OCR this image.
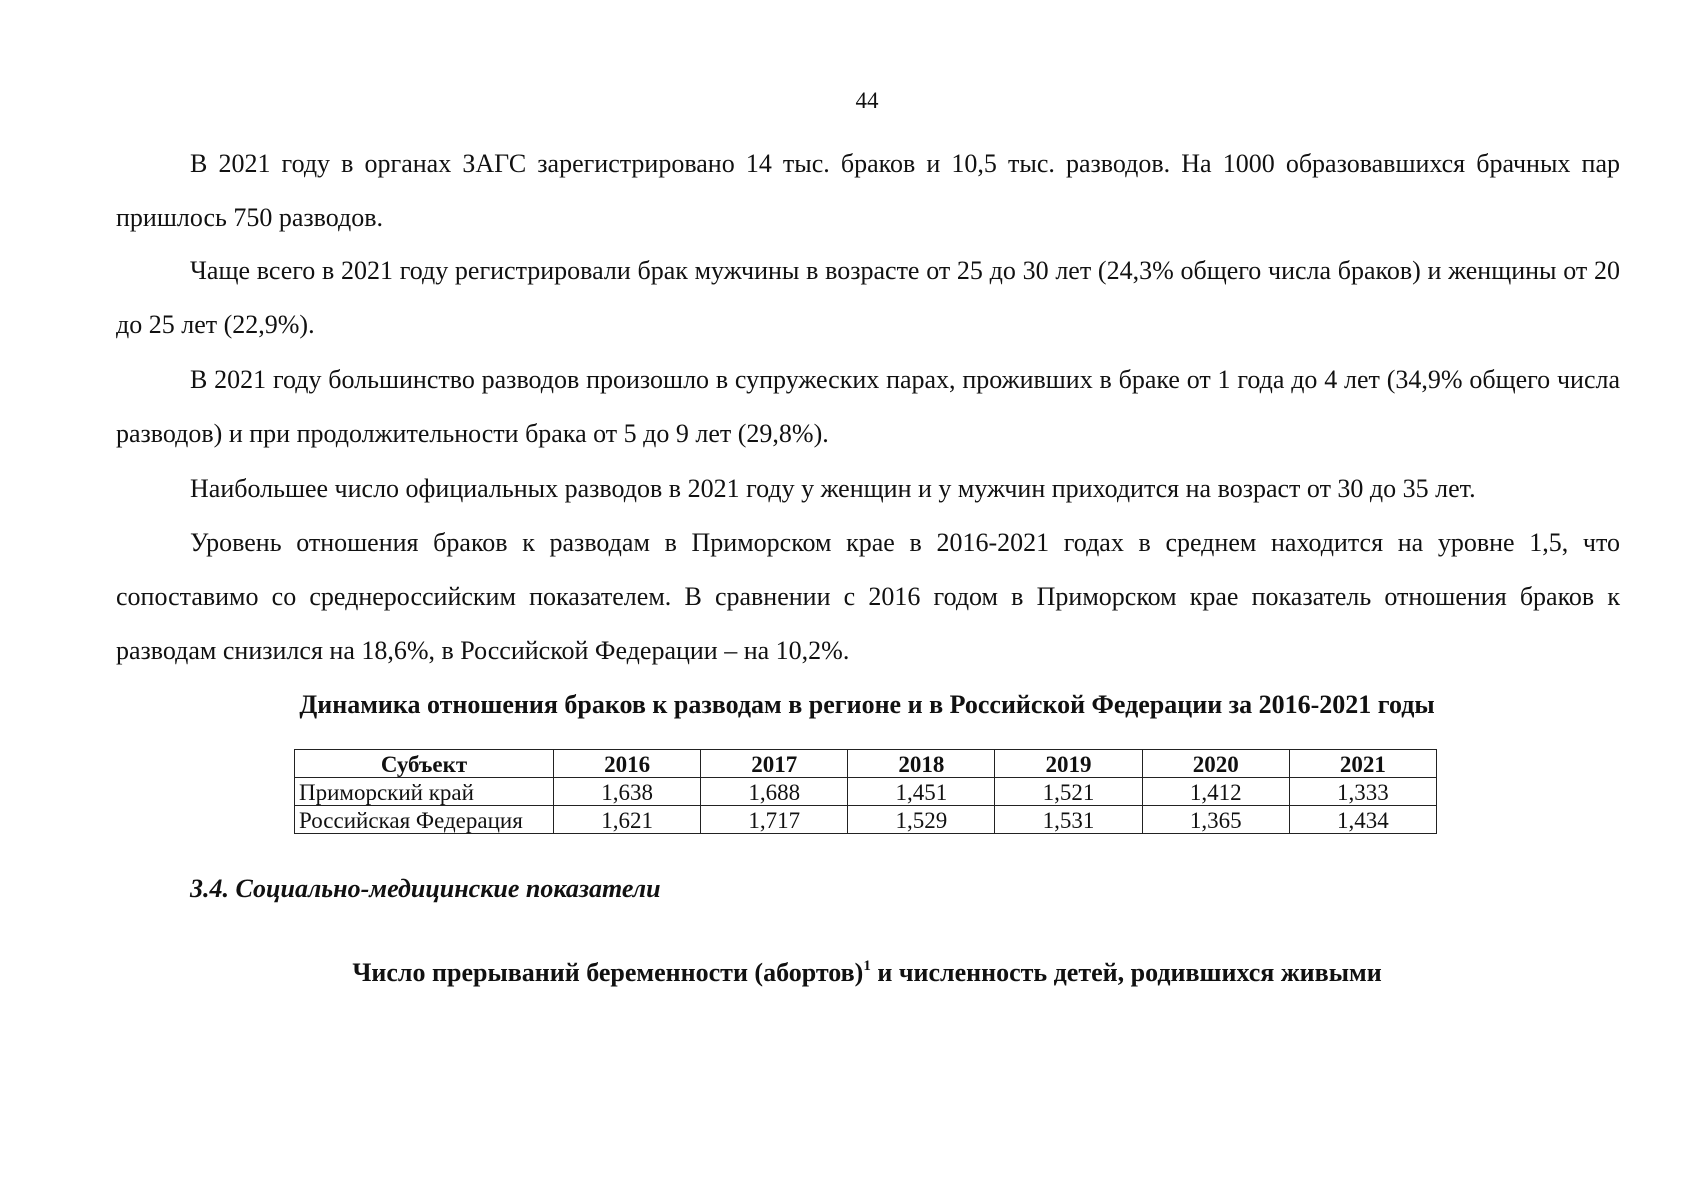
44

В 2021 году в органах ЗАГС зарегистрировано 14 тыс. браков и 10,5 тыс. разводов. На 1000 образовавшихся брачных пар пришлось 750 разводов.

Чаще всего в 2021 году регистрировали брак мужчины в возрасте от 25 до 30 лет (24,3% общего числа браков) и женщины от 20 до 25 лет (22,9%).

В 2021 году большинство разводов произошло в супружеских парах, проживших в браке от 1 года до 4 лет (34,9% общего числа разводов) и при продолжительности брака от 5 до 9 лет (29,8%).

Наибольшее число официальных разводов в 2021 году у женщин и у мужчин приходится на возраст от 30 до 35 лет.

Уровень отношения браков к разводам в Приморском крае в 2016-2021 годах в среднем находится на уровне 1,5, что сопоставимо со среднероссийским показателем. В сравнении с 2016 годом в Приморском крае показатель отношения браков к разводам снизился на 18,6%, в Российской Федерации – на 10,2%.

Динамика отношения браков к разводам в регионе и в Российской Федерации за 2016-2021 годы
Субъект	2016	2017	2018	2019	2020	2021
Приморский край	1,638	1,688	1,451	1,521	1,412	1,333
Российская Федерация	1,621	1,717	1,529	1,531	1,365	1,434
3.4. Социально-медицинские показатели
Число прерываний беременности (абортов)$^1$ и численность детей, родившихся живыми
